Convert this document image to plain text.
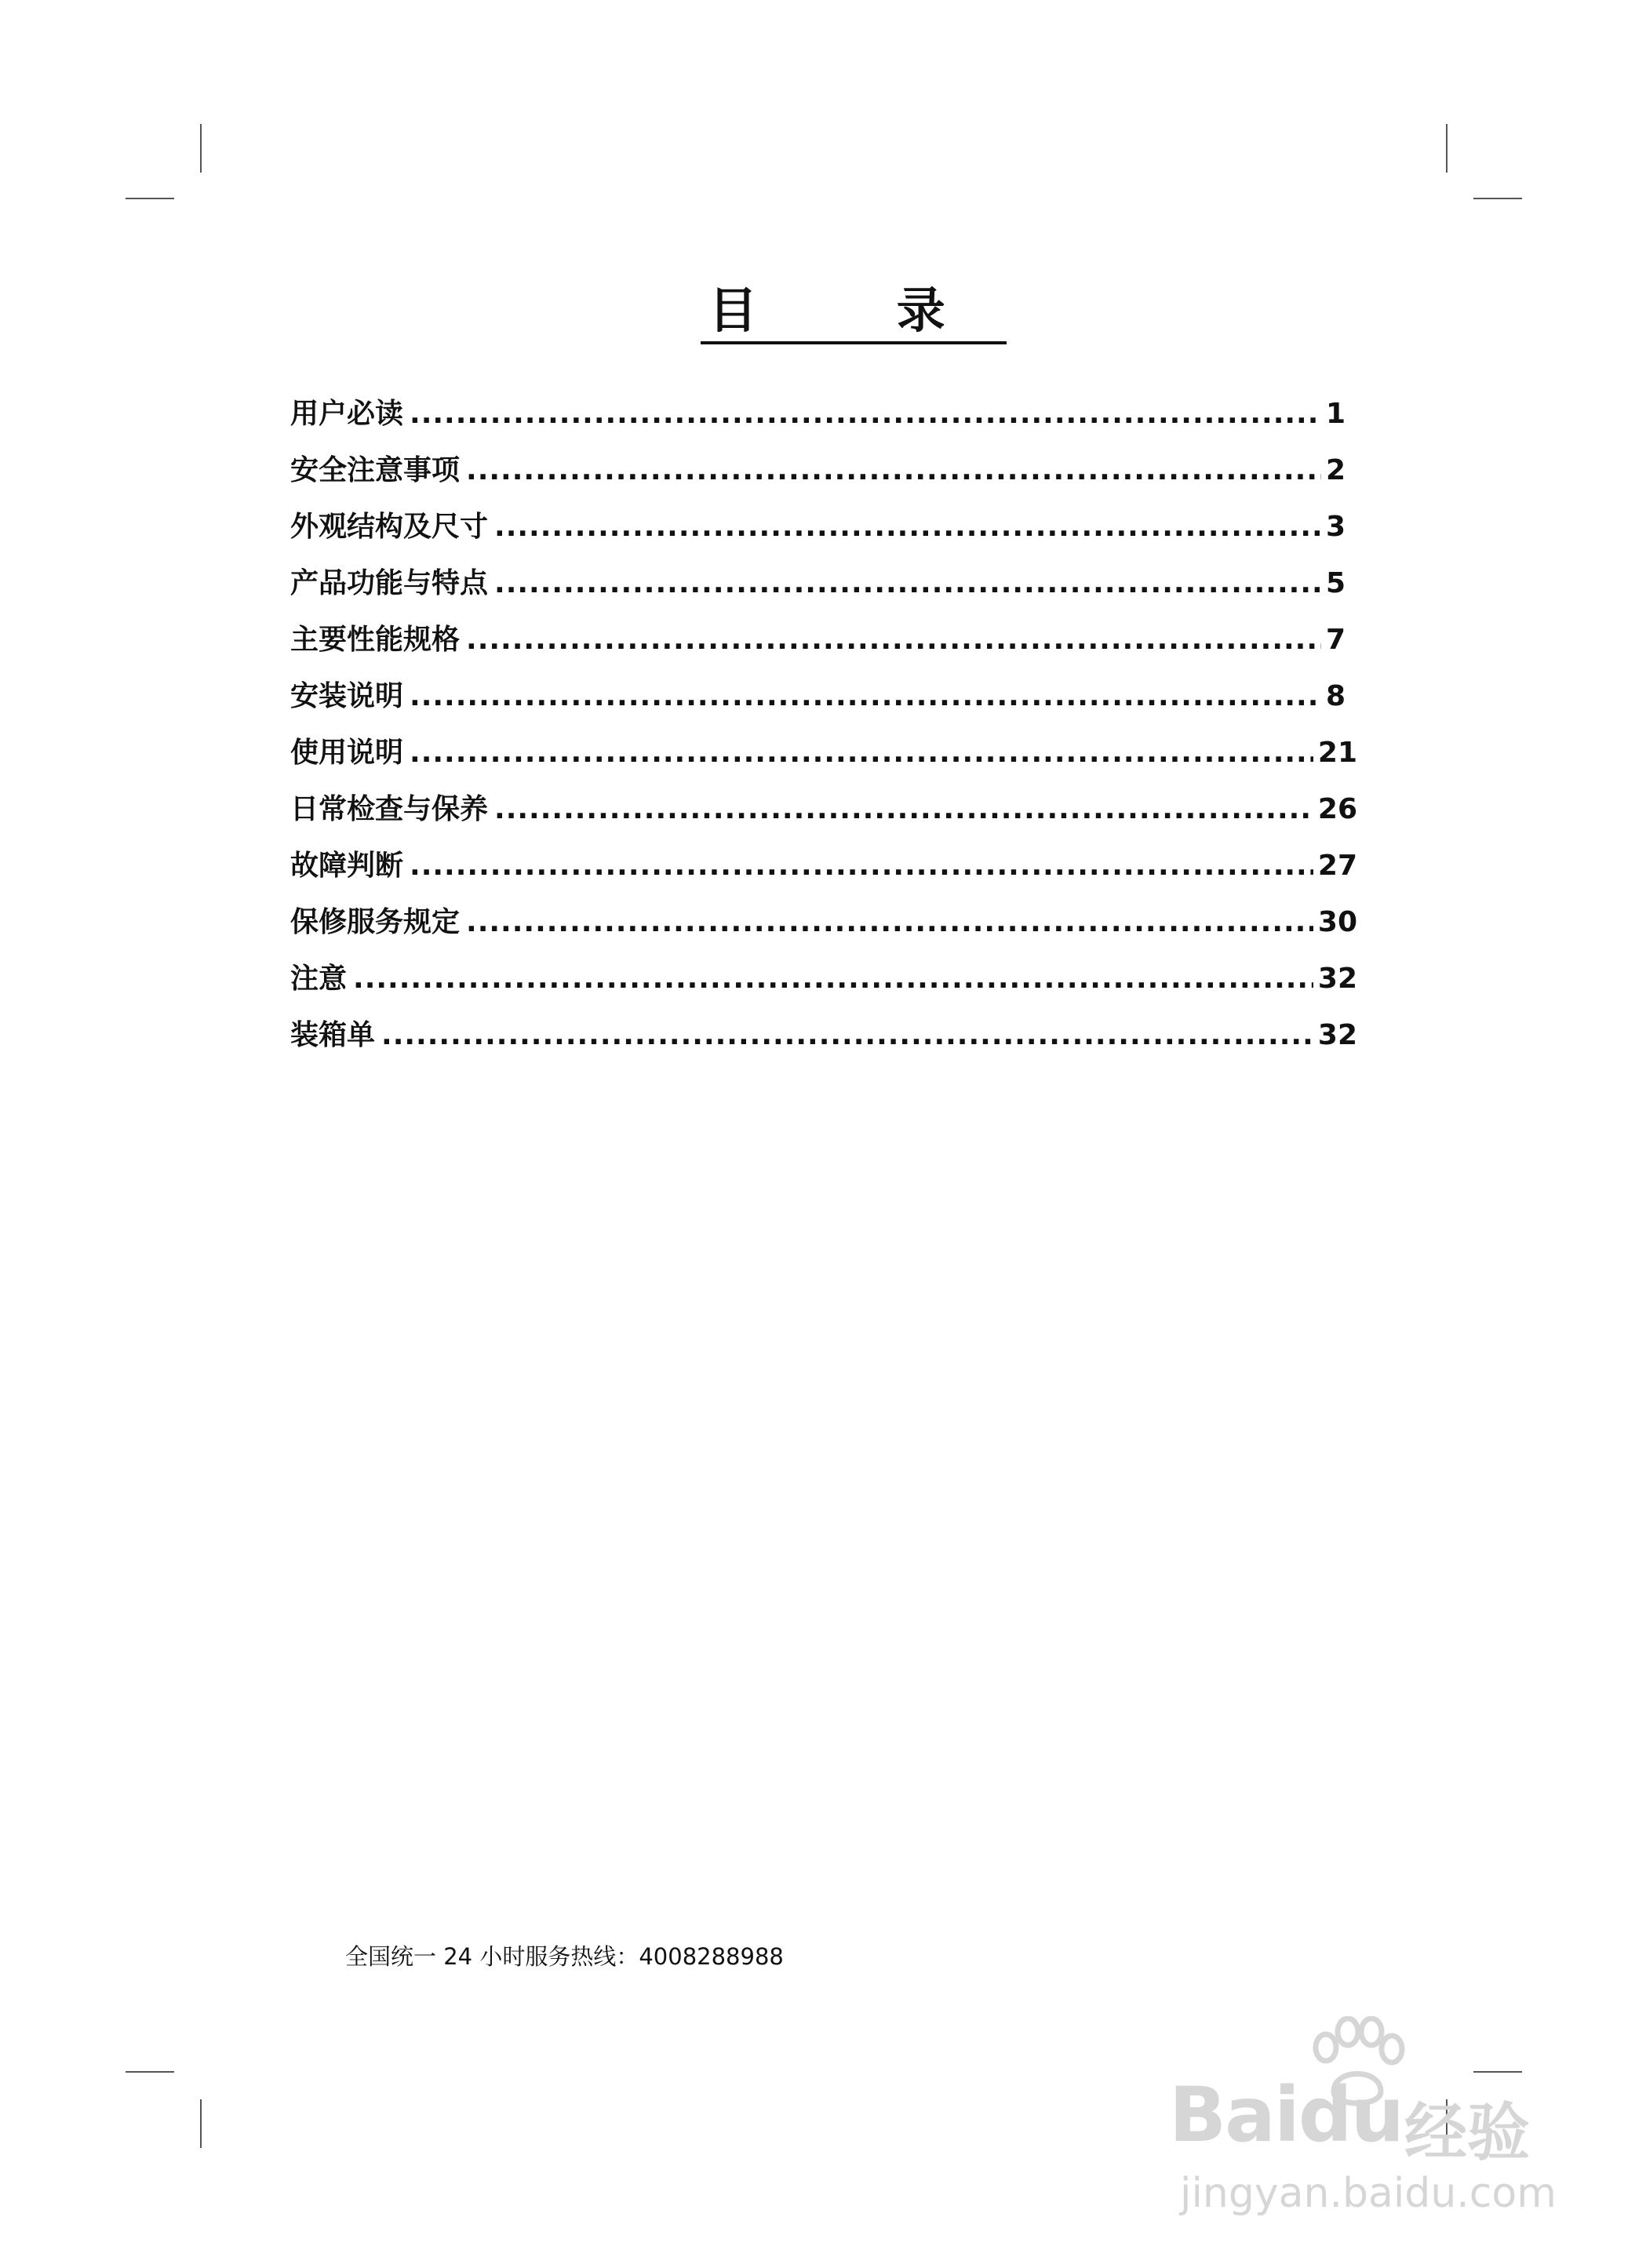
目 录
用户必读 .....	1
安全注意事项 .....	2
外观结构及尺寸 .....	3
产品功能与特点 .....	5
主要性能规格 .....	7
安装说明 .....	8
使用说明 .....	21
日常检查与保养 .....	26
故障判断 .....	27
保修服务规定 .....	30
注意 .....	32
装箱单 .....	32
全国统一 24 小时服务热线：4008288988
Baidu 经验
jingyan.baidu.com
